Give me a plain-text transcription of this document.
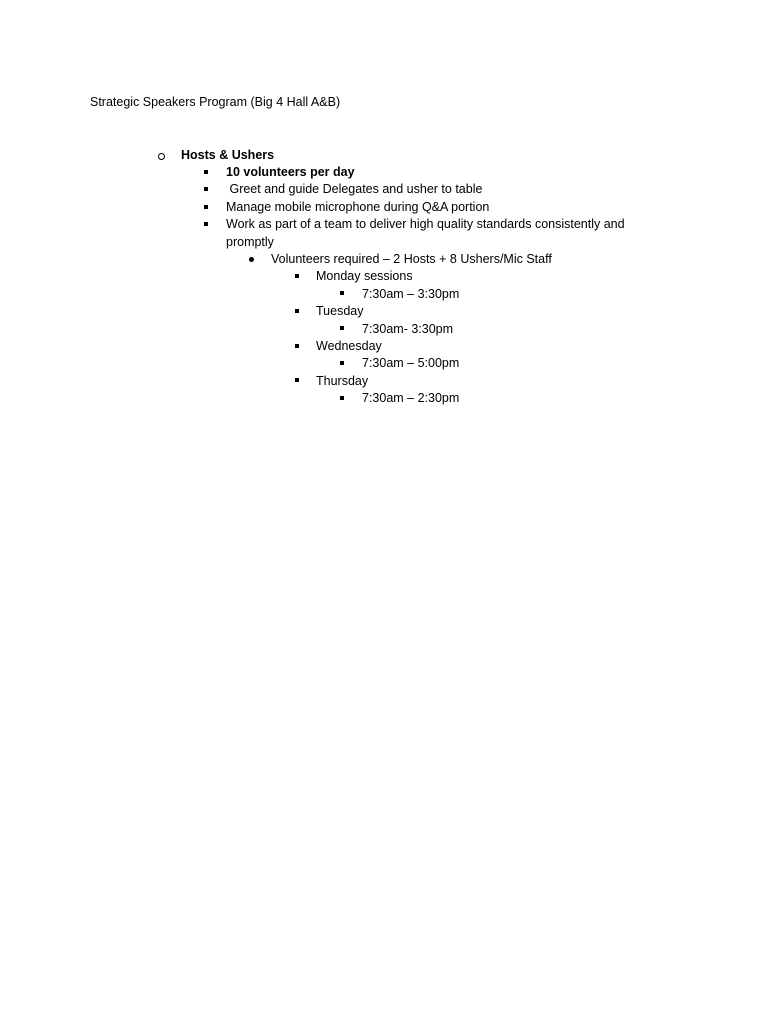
Strategic Speakers Program (Big 4 Hall A&B)
Hosts & Ushers
10 volunteers per day
Greet and guide Delegates and usher to table
Manage mobile microphone during Q&A portion
Work as part of a team to deliver high quality standards consistently and
promptly
Volunteers required – 2 Hosts + 8 Ushers/Mic Staff
Monday sessions
7:30am – 3:30pm
Tuesday
7:30am- 3:30pm
Wednesday
7:30am – 5:00pm
Thursday
7:30am – 2:30pm
